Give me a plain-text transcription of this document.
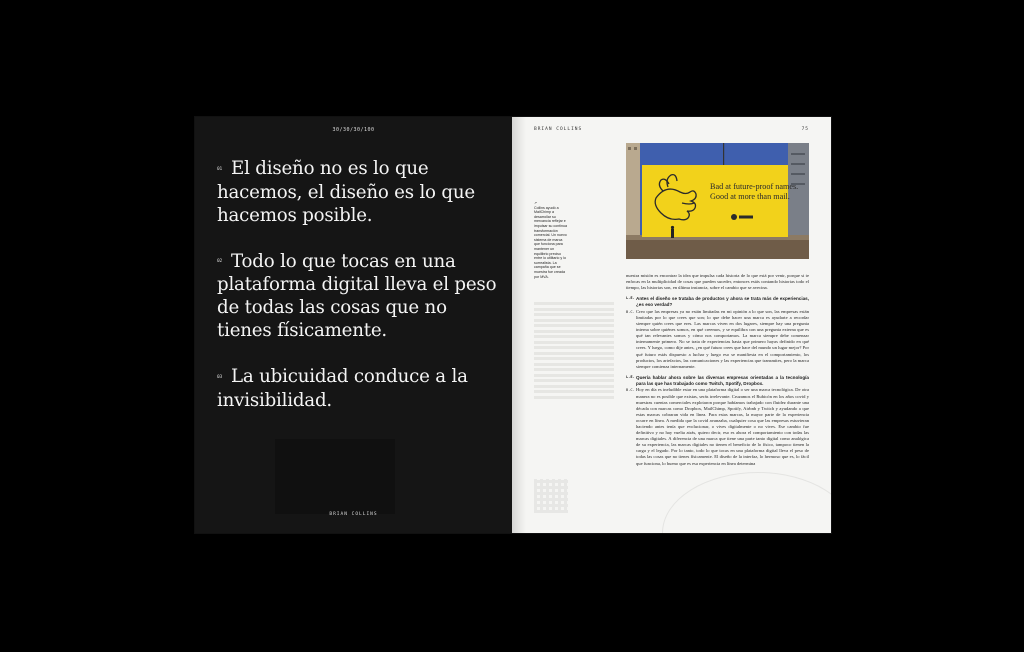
30/30/30/100
01 El diseño no es lo que hacemos, el diseño es lo que hacemos posible.
02 Todo lo que tocas en una plataforma digital lleva el peso de todas las cosas que no tienes físicamente.
03 La ubicuidad conduce a la invisibilidad.
BRIAN COLLINS
BRIAN COLLINS	75
↗
Collins ayudó a MailChimp a desarrollar su mercancía reflejar e impulsar su continua transformación comercial. Un nuevo sistema de marca que funciona para mantener un equilibrio preciso entre lo utilitario y lo surrealista. La campaña que se muestra fue creada por MVA.
Bad at future-proof names.
Good at more than mail.

nuestra misión es encontrar la idea que impulsa cada historia de lo que está por venir, porque si te enfocas en la multiplicidad de cosas que pueden suceder, entonces estás contando historias todo el tiempo, las historias son, en última instancia, sobre el cambio que se avecina.

L.E. Antes el diseño se trataba de productos y ahora se trata más de experiencias, ¿es eso verdad?
B.C. Creo que las empresas ya no están limitadas en mi opinión a lo que son, las empresas están limitadas por lo que crees que son; lo que debe hacer una marca es ayudarte a recordar siempre quién crees que eres. Las marcas viven en dos lugares, siempre hay una pregunta interna sobre quiénes somos, en qué creemos, y se equilibra con una pregunta externa que es qué tan relevantes somos y cómo nos comportamos. La marca siempre debe comenzar internamente primero. No se trata de experiencias hasta que primero hayas definido en qué crees. Y luego, como dije antes, ¿en qué futuro crees que hace del mundo un lugar mejor? Por qué futuro estás dispuesto a luchar y luego eso se manifiesta en el comportamiento, los productos, los artefactos, las comunicaciones y las experiencias que transmites, pero la marca siempre comienza internamente.
L.E. Quería hablar ahora sobre las diversas empresas orientadas a la tecnología para las que has trabajado como Twitch, Spotify, Dropbox.
B.C. Hoy en día es ineludible estar en una plataforma digital o ser una marca tecnológica. De otra manera no es posible que existas, serás irrelevante. Cruzamos el Rubicón en los años covid y muestras cuentas comerciales explotaron porque habíamos trabajado con fluidez durante una década con marcas como Dropbox, MailChimp, Spotify, Airbnb y Twitch y ayudando a que estas marcas cobraran vida en línea. Para estas marcas, la mayor parte de la experiencia ocurre en línea. A medida que la covid avanzaba, cualquier cosa que las empresas estuvieran haciendo antes tenía que evolucionar, o vives digitalmente o no vives. Ese cambio fue definitivo y no hay vuelta atrás, quiero decir, eso es ahora el comportamiento con todas las marcas digitales. A diferencia de una marca que tiene una parte tanto digital como analógica de su experiencia, las marcas digitales no tienen el beneficio de lo físico, tampoco tienen la carga y el legado. Por lo tanto, todo lo que tocas en una plataforma digital lleva el peso de todas las cosas que no tienes físicamente. El diseño de la interfaz, lo hermoso que es, lo fácil que funciona, lo bueno que es esa experiencia en línea determina
